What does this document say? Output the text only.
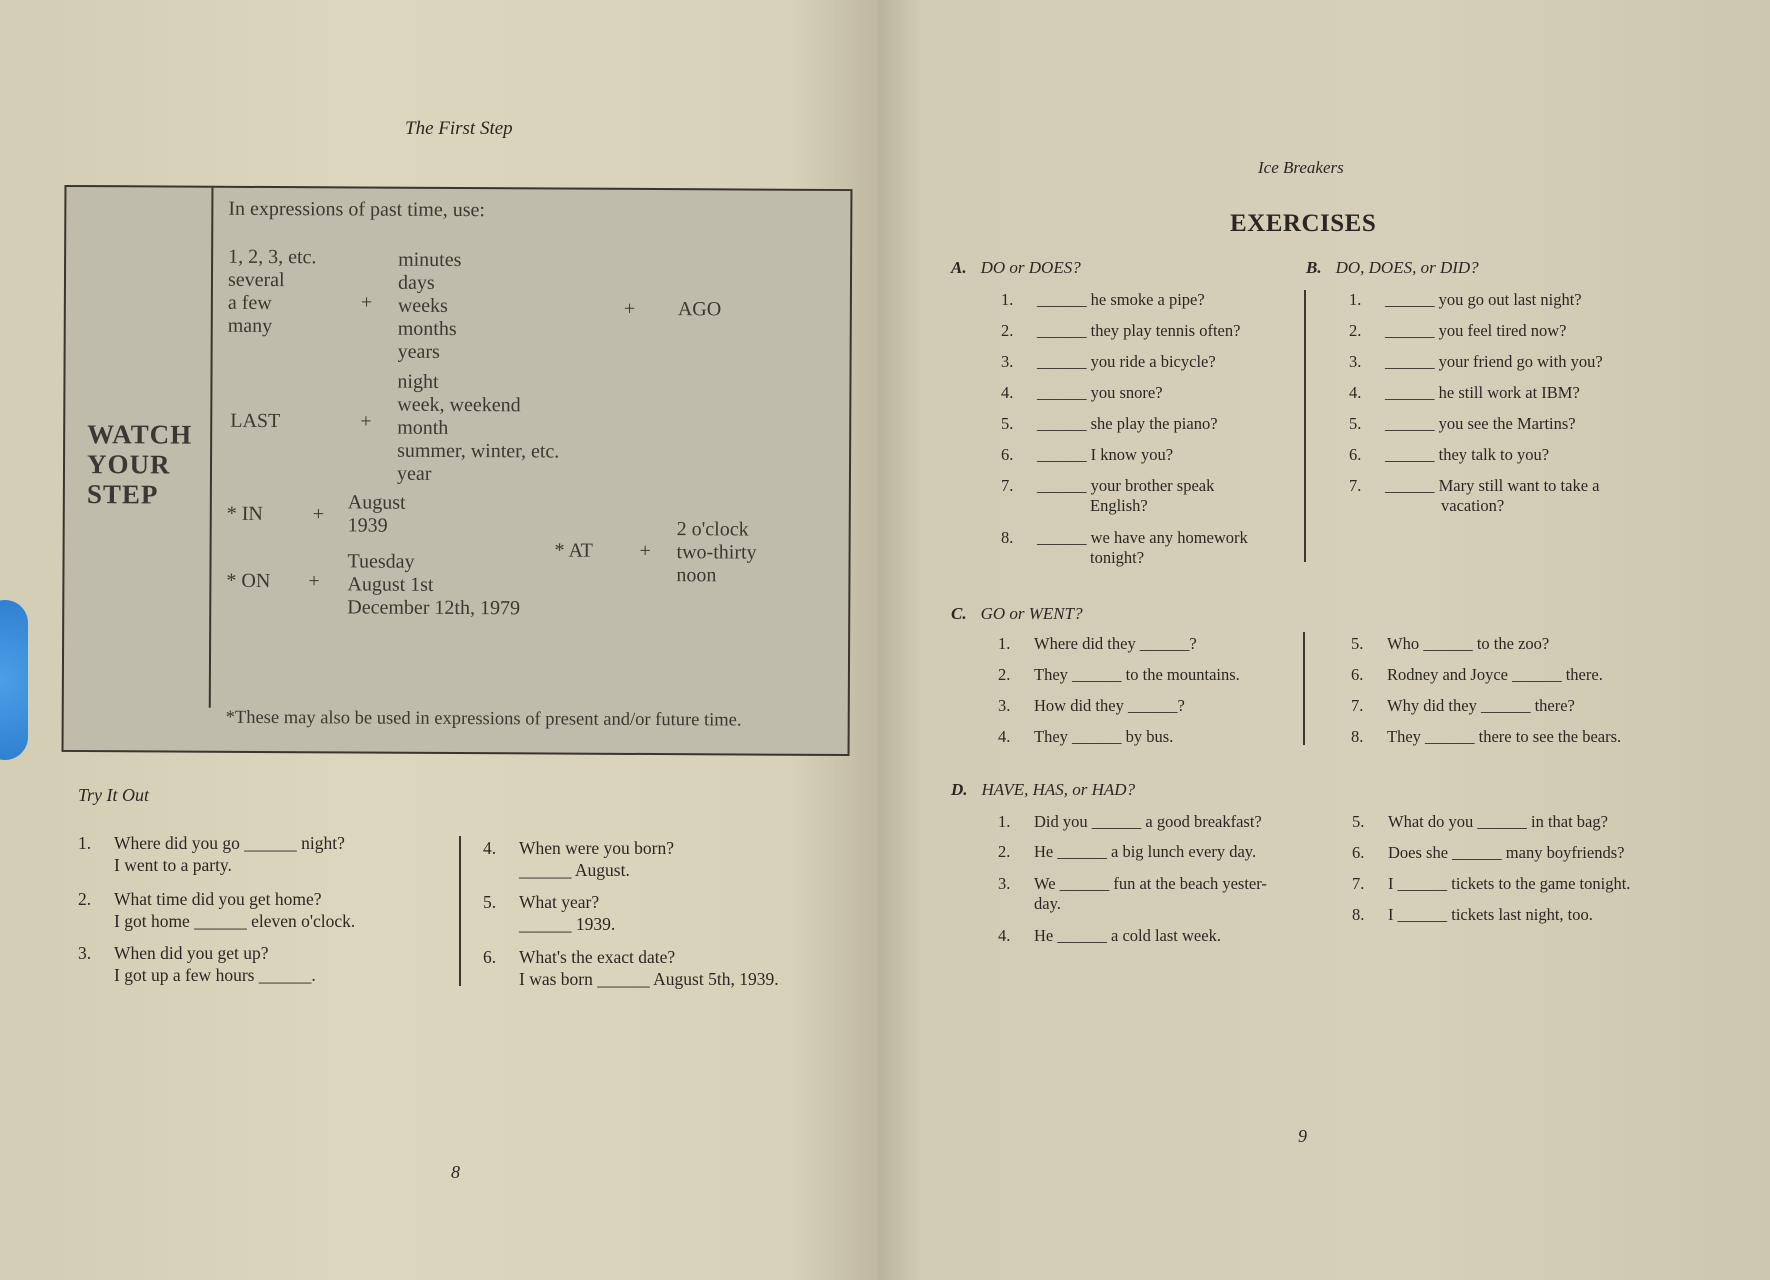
The First Step
WATCH
YOUR
STEP
In expressions of past time, use:
1, 2, 3, etc.
several
a few
many
+
minutes
days
weeks
months
years
+ AGO
LAST	+
night
week, weekend
month
summer, winter, etc.
year
* IN +
August
1939
* AT +
2 o'clock
two-thirty
noon
* ON +
Tuesday
August 1st
December 12th, 1979
*These may also be used in expressions of present and/or future time.
Try It Out
1. Where did you go ______ night?
I went to a party.
2. What time did you get home?
I got home ______ eleven o'clock.
3. When did you get up?
I got up a few hours ______.
4. When were you born?
______ August.
5. What year?
______ 1939.
6. What's the exact date?
I was born ______ August 5th, 1939.
8
Ice Breakers
EXERCISES
A. DO or DOES?
1. ______ he smoke a pipe?
2. ______ they play tennis often?
3. ______ you ride a bicycle?
4. ______ you snore?
5. ______ she play the piano?
6. ______ I know you?
7. ______ your brother speak
English?
8. ______ we have any homework
tonight?
B. DO, DOES, or DID?
1. ______ you go out last night?
2. ______ you feel tired now?
3. ______ your friend go with you?
4. ______ he still work at IBM?
5. ______ you see the Martins?
6. ______ they talk to you?
7. ______ Mary still want to take a
vacation?
C. GO or WENT?
1. Where did they ______?
2. They ______ to the mountains.
3. How did they ______?
4. They ______ by bus.
5. Who ______ to the zoo?
6. Rodney and Joyce ______ there.
7. Why did they ______ there?
8. They ______ there to see the bears.
D. HAVE, HAS, or HAD?
1. Did you ______ a good breakfast?
2. He ______ a big lunch every day.
3. We ______ fun at the beach yester-
day.
4. He ______ a cold last week.
5. What do you ______ in that bag?
6. Does she ______ many boyfriends?
7. I ______ tickets to the game tonight.
8. I ______ tickets last night, too.
9
